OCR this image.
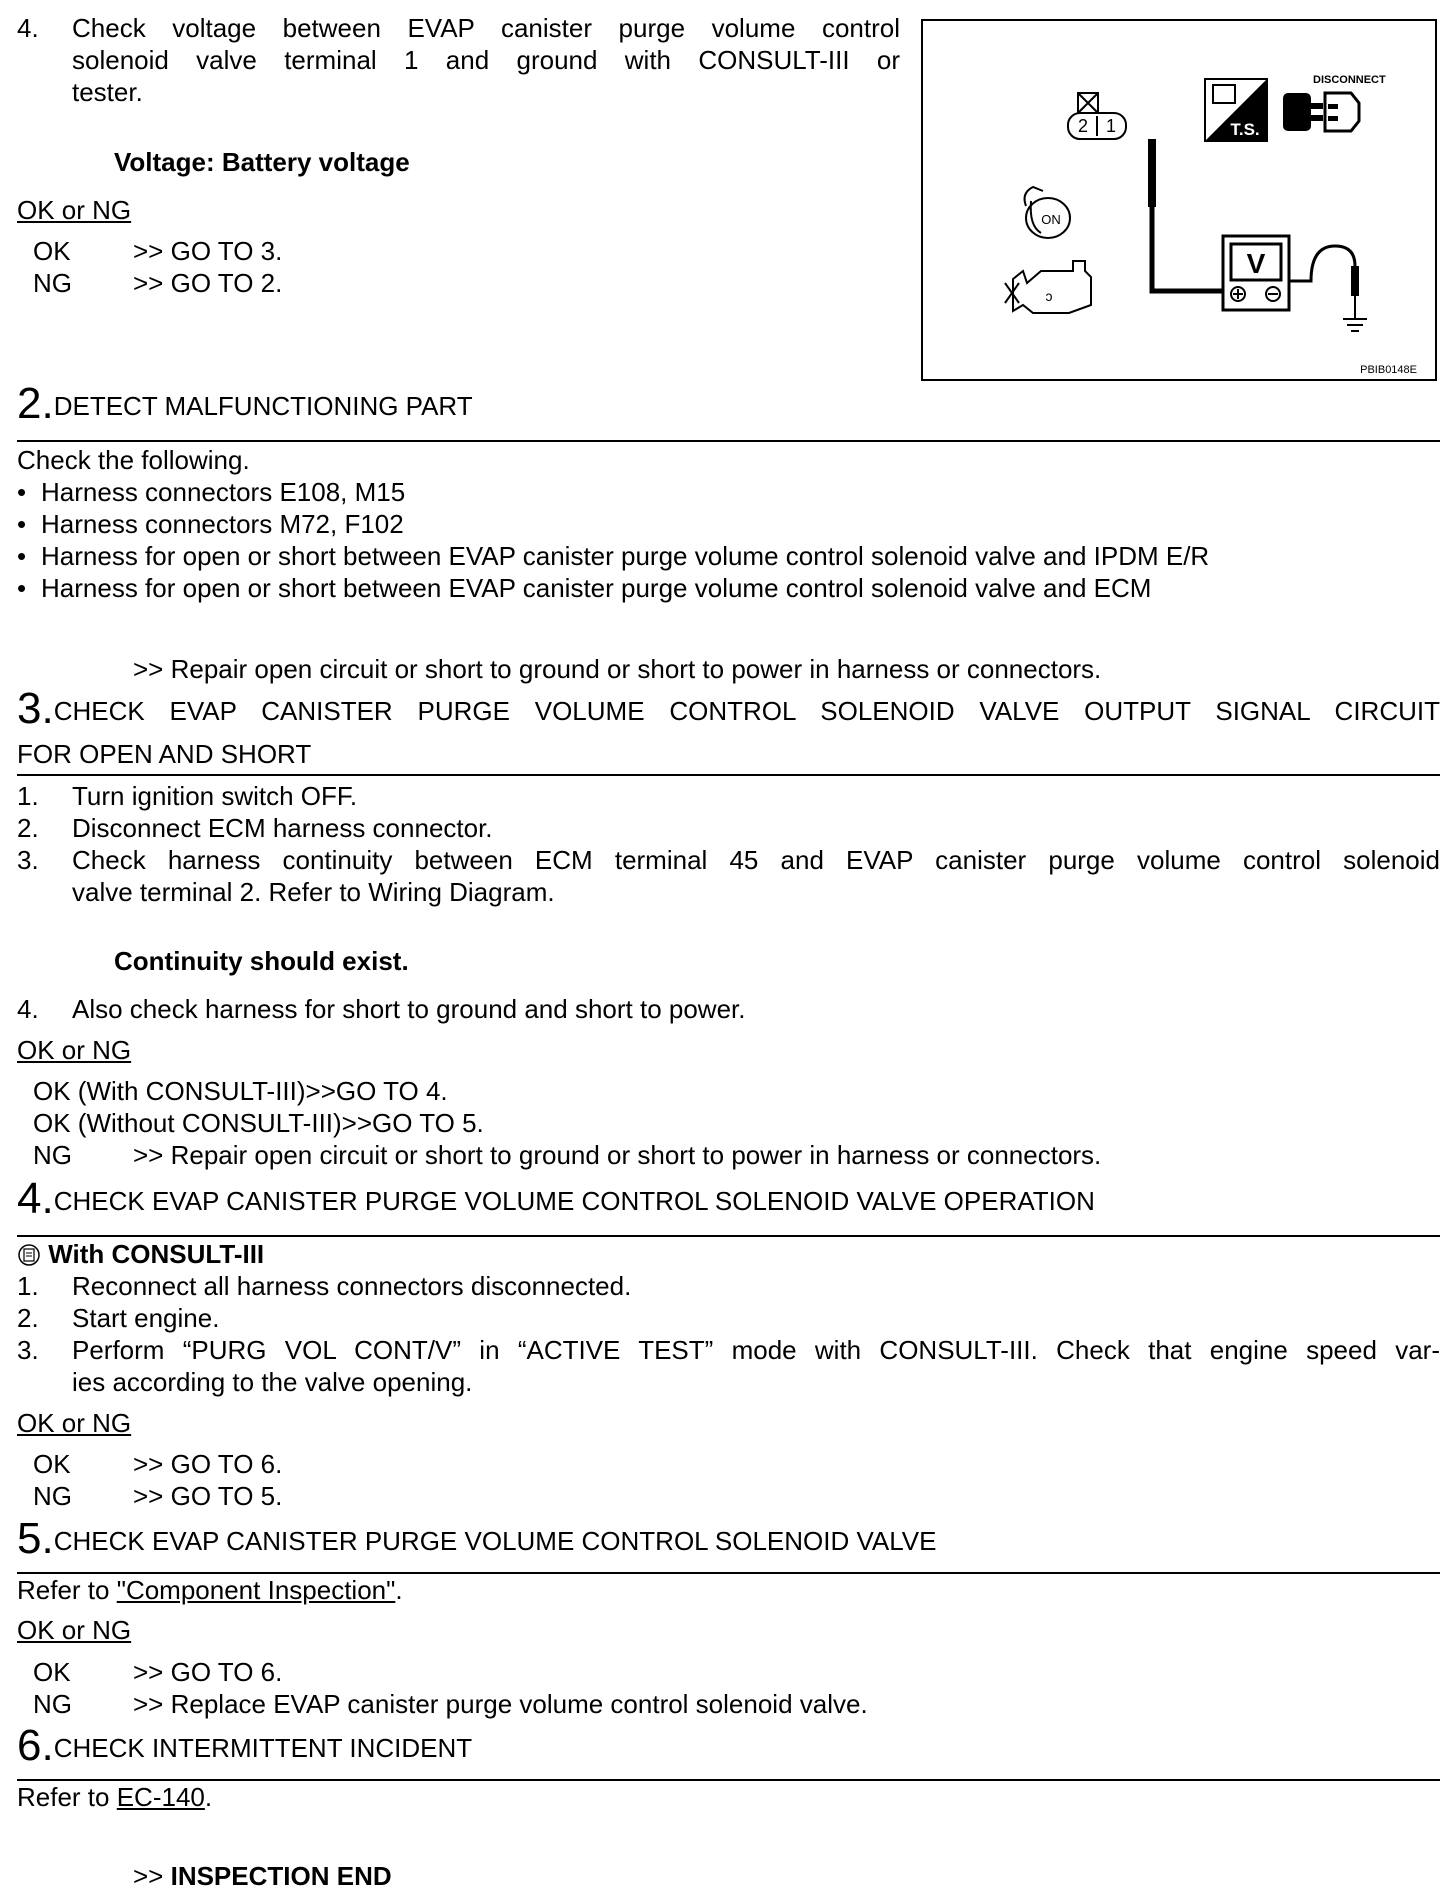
4. Check voltage between EVAP canister purge volume control
solenoid valve terminal 1 and ground with CONSULT-III or
tester.
Voltage: Battery voltage
OK or NG
OK >> GO TO 3.
NG >> GO TO 2.
2 1
V
T.S.
DISCONNECT
ON
ↄ
PBIB0148E
2.DETECT MALFUNCTIONING PART
Check the following.
• Harness connectors E108, M15
• Harness connectors M72, F102
• Harness for open or short between EVAP canister purge volume control solenoid valve and IPDM E/R
• Harness for open or short between EVAP canister purge volume control solenoid valve and ECM
>> Repair open circuit or short to ground or short to power in harness or connectors.
3.CHECK EVAP CANISTER PURGE VOLUME CONTROL SOLENOID VALVE OUTPUT SIGNAL CIRCUIT
FOR OPEN AND SHORT
1. Turn ignition switch OFF.
2. Disconnect ECM harness connector.
3. Check harness continuity between ECM terminal 45 and EVAP canister purge volume control solenoid
valve terminal 2. Refer to Wiring Diagram.
Continuity should exist.
4. Also check harness for short to ground and short to power.
OK or NG
OK (With CONSULT-III)>>GO TO 4.
OK (Without CONSULT-III)>>GO TO 5.
NG >> Repair open circuit or short to ground or short to power in harness or connectors.
4.CHECK EVAP CANISTER PURGE VOLUME CONTROL SOLENOID VALVE OPERATION
With CONSULT-III
1. Reconnect all harness connectors disconnected.
2. Start engine.
3. Perform “PURG VOL CONT/V” in “ACTIVE TEST” mode with CONSULT-III. Check that engine speed var-
ies according to the valve opening.
OK or NG
OK >> GO TO 6.
NG >> GO TO 5.
5.CHECK EVAP CANISTER PURGE VOLUME CONTROL SOLENOID VALVE
Refer to "Component Inspection".
OK or NG
OK >> GO TO 6.
NG >> Replace EVAP canister purge volume control solenoid valve.
6.CHECK INTERMITTENT INCIDENT
Refer to EC-140.
>> INSPECTION END
